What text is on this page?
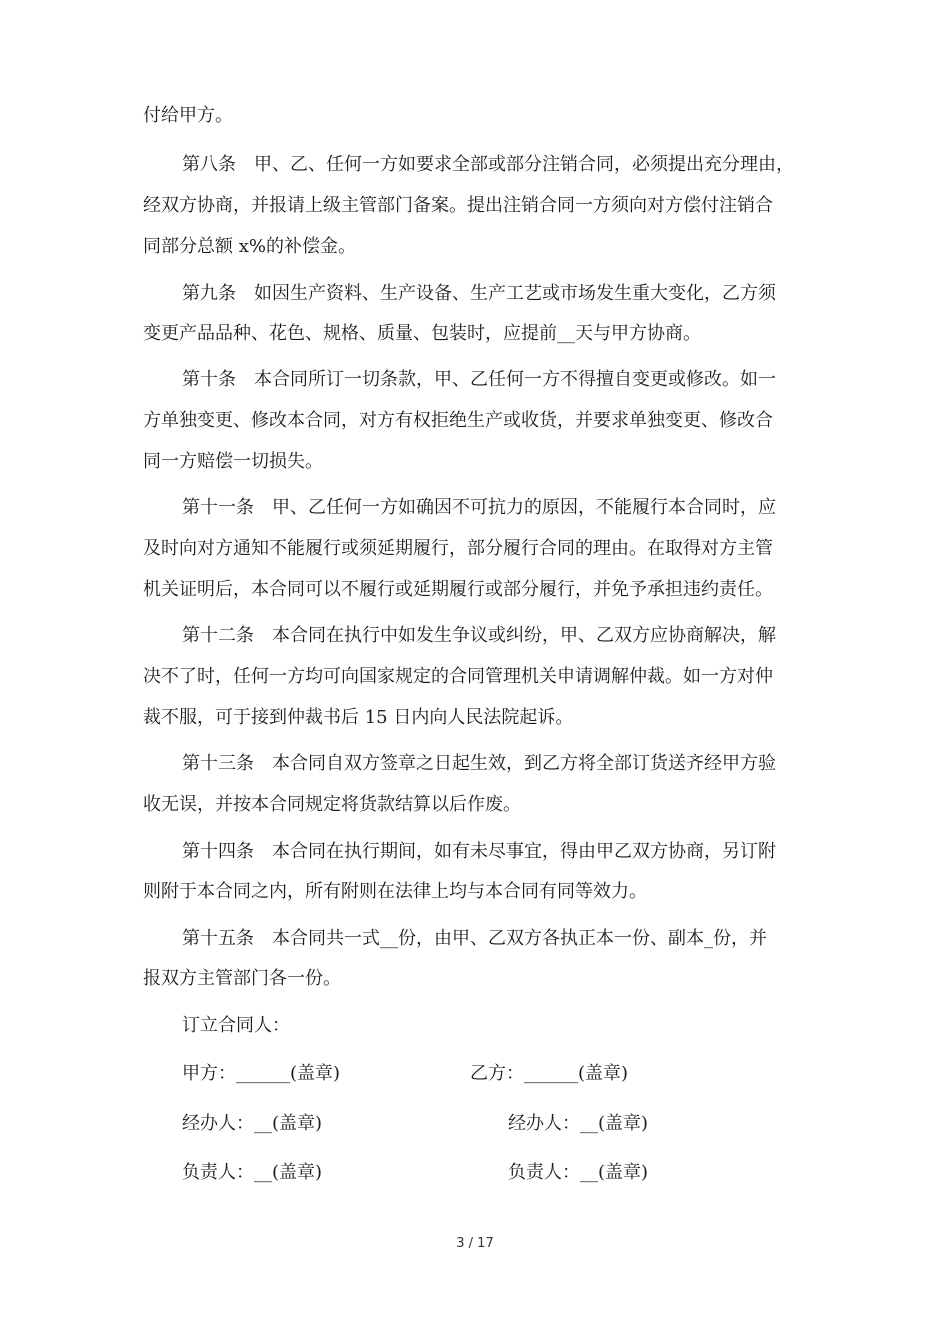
付给甲方。
第八条　甲、乙、任何一方如要求全部或部分注销合同，必须提出充分理由，
经双方协商，并报请上级主管部门备案。提出注销合同一方须向对方偿付注销合
同部分总额 x%的补偿金。
第九条　如因生产资料、生产设备、生产工艺或市场发生重大变化，乙方须
变更产品品种、花色、规格、质量、包装时，应提前__天与甲方协商。
第十条　本合同所订一切条款，甲、乙任何一方不得擅自变更或修改。如一
方单独变更、修改本合同，对方有权拒绝生产或收货，并要求单独变更、修改合
同一方赔偿一切损失。
第十一条　甲、乙任何一方如确因不可抗力的原因，不能履行本合同时，应
及时向对方通知不能履行或须延期履行，部分履行合同的理由。在取得对方主管
机关证明后，本合同可以不履行或延期履行或部分履行，并免予承担违约责任。
第十二条　本合同在执行中如发生争议或纠纷，甲、乙双方应协商解决，解
决不了时，任何一方均可向国家规定的合同管理机关申请调解仲裁。如一方对仲
裁不服，可于接到仲裁书后 15 日内向人民法院起诉。
第十三条　本合同自双方签章之日起生效，到乙方将全部订货送齐经甲方验
收无误，并按本合同规定将货款结算以后作废。
第十四条　本合同在执行期间，如有未尽事宜，得由甲乙双方协商，另订附
则附于本合同之内，所有附则在法律上均与本合同有同等效力。
第十五条　本合同共一式__份，由甲、乙双方各执正本一份、副本_份，并
报双方主管部门各一份。
订立合同人：
甲方：______(盖章)	乙方：______(盖章)
经办人：__(盖章)	经办人：__(盖章)
负责人：__(盖章)	负责人：__(盖章)
3 / 17
